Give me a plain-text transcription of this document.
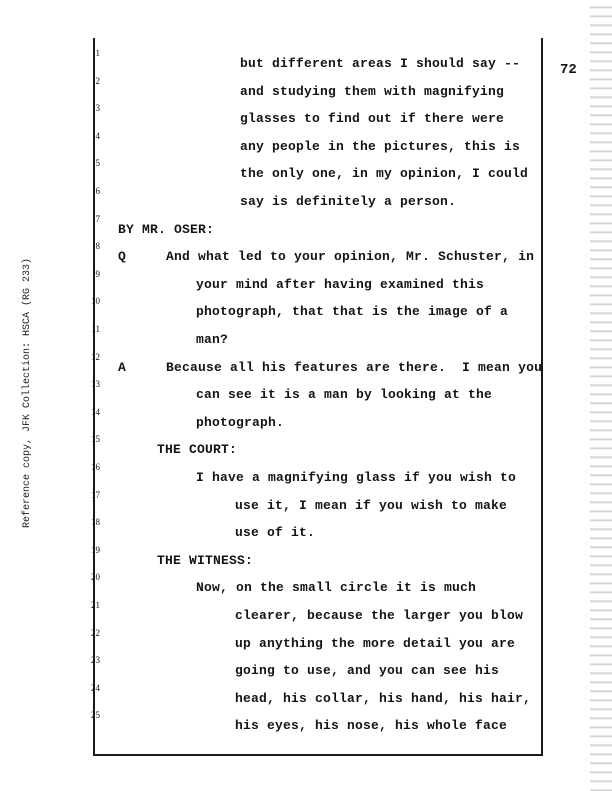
72
Reference copy, JFK Collection: HSCA (RG 233)
1
2
3
4
5
6
7
8
9
10
11
12
13
14
15
16
17
18
19
20
21
22
23
24
25
but different areas I should say --
and studying them with magnifying
glasses to find out if there were
any people in the pictures, this is
the only one, in my opinion, I could
say is definitely a person.
BY MR. OSER:
Q     And what led to your opinion, Mr. Schuster, in
your mind after having examined this
photograph, that that is the image of a
man?
A     Because all his features are there.  I mean you
can see it is a man by looking at the
photograph.
THE COURT:
I have a magnifying glass if you wish to
use it, I mean if you wish to make
use of it.
THE WITNESS:
Now, on the small circle it is much
clearer, because the larger you blow
up anything the more detail you are
going to use, and you can see his
head, his collar, his hand, his hair,
his eyes, his nose, his whole face
